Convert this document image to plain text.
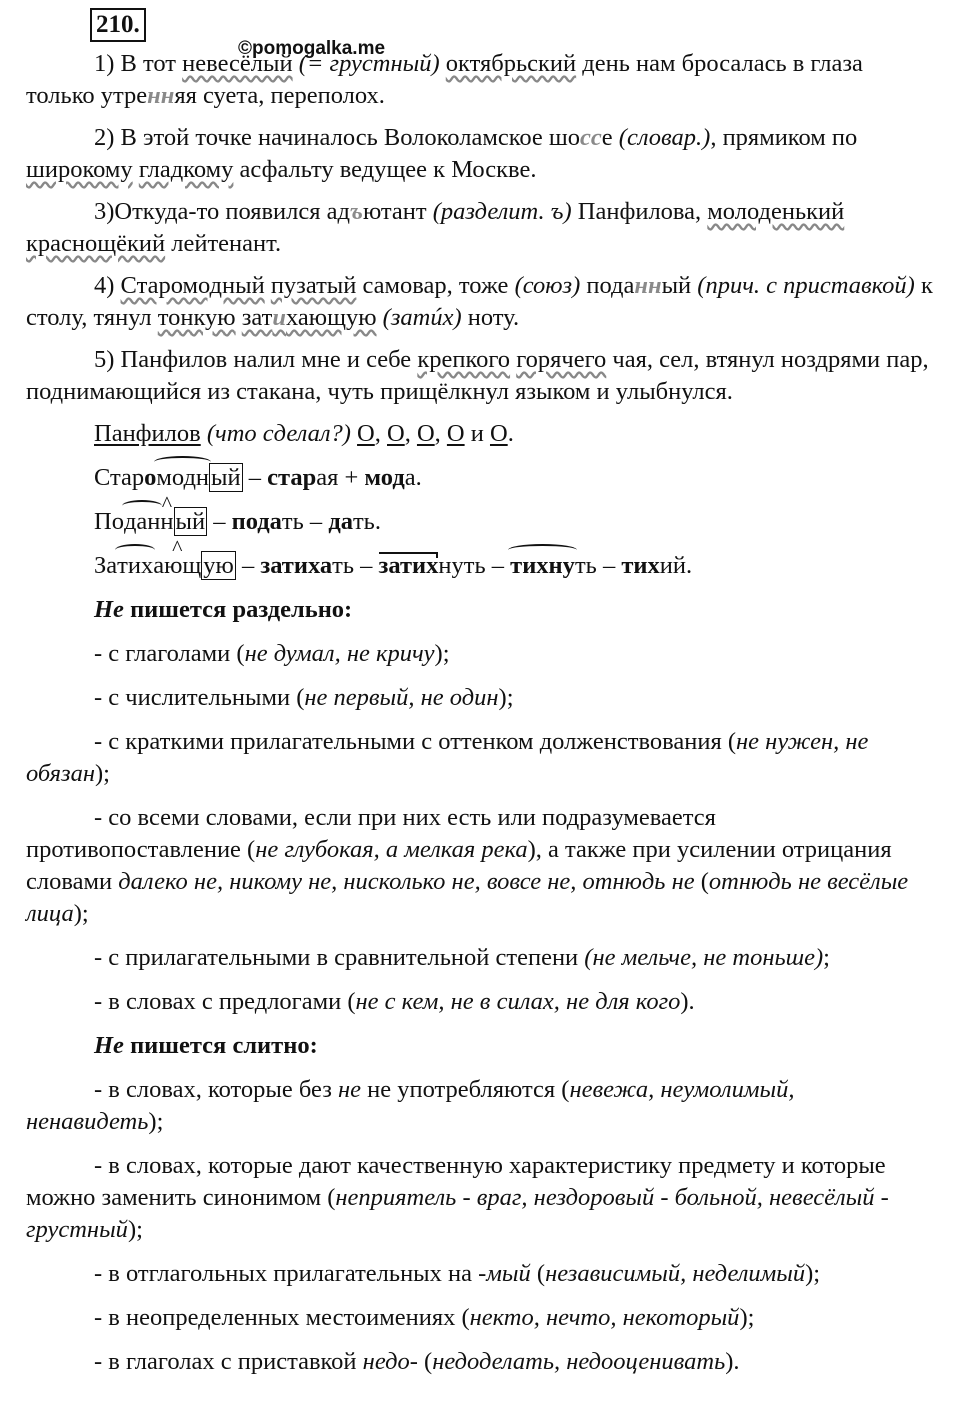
210.
©pomogalka.me

1) В тот невесёлый (= грустный) октябрьский день нам бросалась в глаза только утренняя суета, переполох.

2) В этой точке начиналось Волоколамское шоссе (словар.), прямиком по широкому гладкому асфальту ведущее к Москве.

3)Откуда-то появился адъютант (разделит. ъ) Панфилова, молоденький краснощёкий лейтенант.

4) Старомодный пузатый самовар, тоже (союз) поданный (прич. с приставкой) к столу, тянул тонкую затихающую (затúх) ноту.

5) Панфилов налил мне и себе крепкого горячего чая, сел, втянул ноздрями пар, поднимающийся из стакана, чуть прищёлкнул языком и улыбнулся.

Панфилов (что сделал?) О, О, О, О и О.

Старомодный – старая + мода.

Подан^ ный – подать – дать.

Затих^ ающую – затихать – затихнуть – тихнуть – тихий.

Не пишется раздельно:

- с глаголами (не думал, не кричу);

- с числительными (не первый, не один);

- с краткими прилагательными с оттенком долженствования (не нужен, не обязан);

- со всеми словами, если при них есть или подразумевается противопоставление (не глубокая, а мелкая река), а также при усилении отрицания словами далеко не, никому не, нисколько не, вовсе не, отнюдь не (отнюдь не весёлые лица);

- с прилагательными в сравнительной степени (не мельче, не тоньше);

- в словах с предлогами (не с кем, не в силах, не для кого).

Не пишется слитно:

- в словах, которые без не не употребляются (невежа, неумолимый, ненавидеть);

- в словах, которые дают качественную характеристику предмету и которые можно заменить синонимом (неприятель - враг, нездоровый - больной, невесёлый - грустный);

- в отглагольных прилагательных на -мый (независимый, неделимый);

- в неопределенных местоимениях (некто, нечто, некоторый);

- в глаголах с приставкой недо- (недоделать, недооценивать).
